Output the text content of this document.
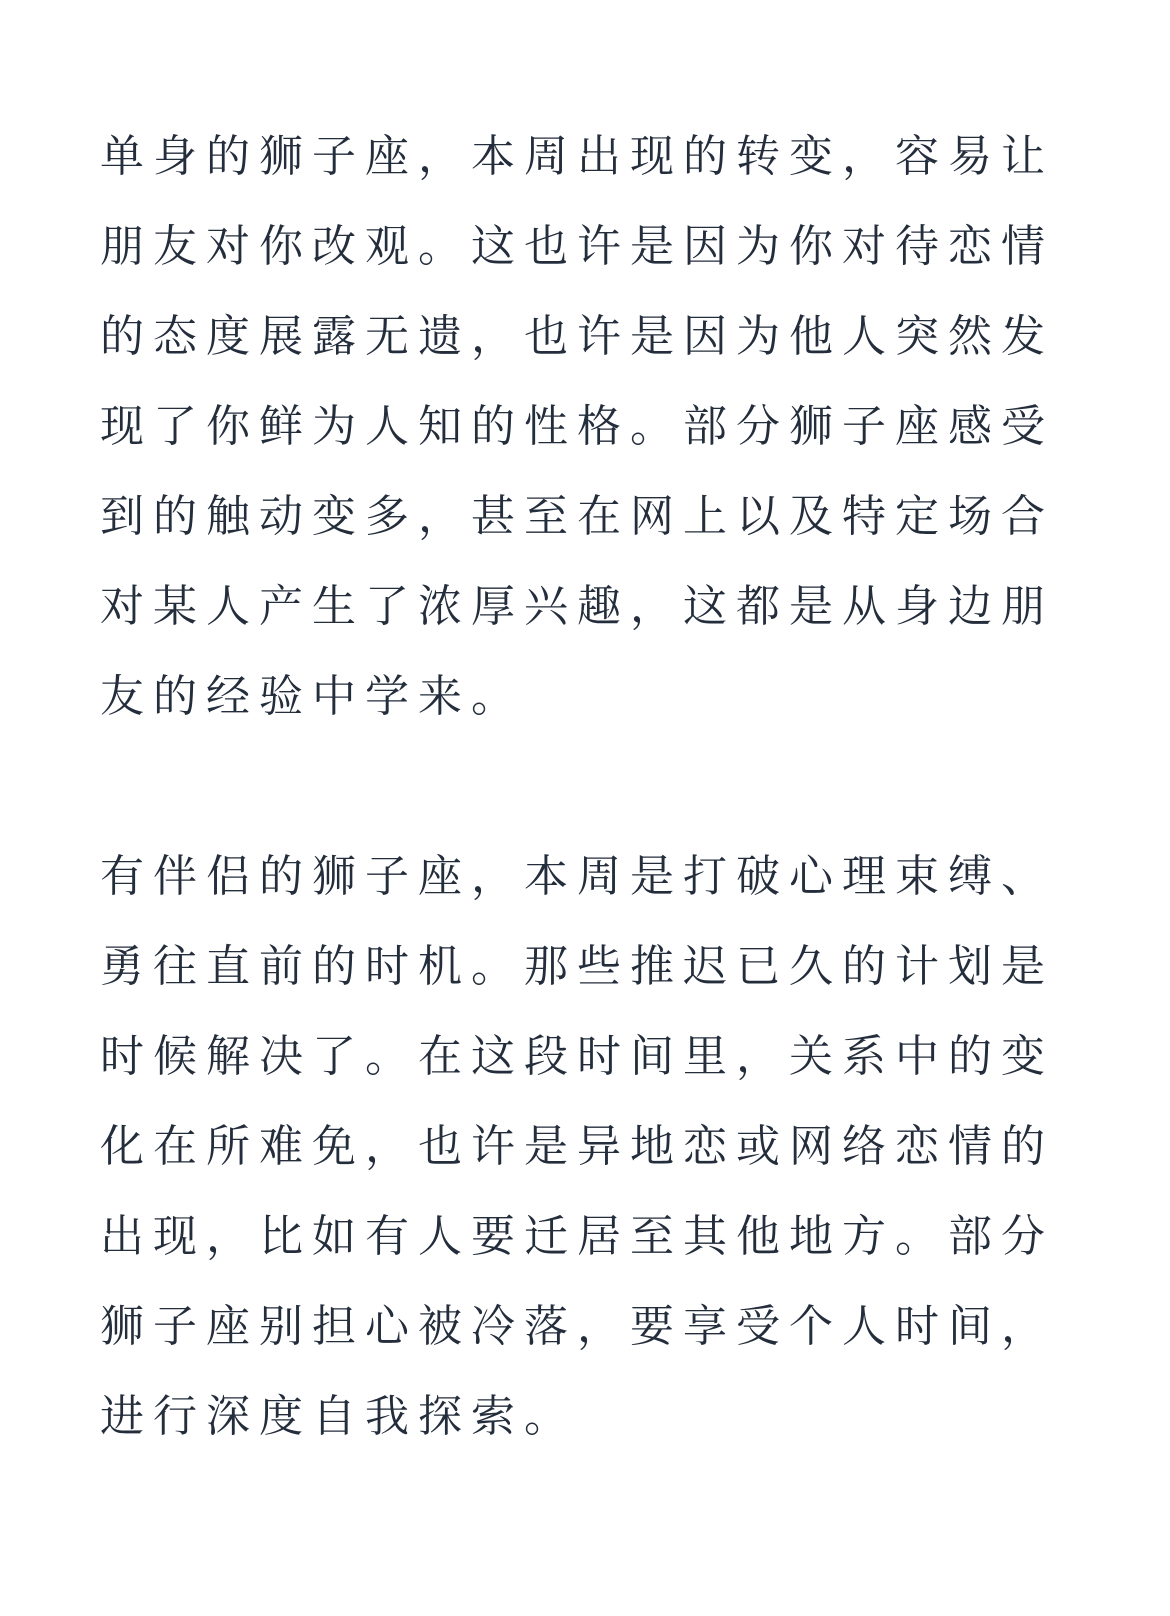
单身的狮子座，本周出现的转变，容易让
朋友对你改观。这也许是因为你对待恋情
的态度展露无遗，也许是因为他人突然发
现了你鲜为人知的性格。部分狮子座感受
到的触动变多，甚至在网上以及特定场合
对某人产生了浓厚兴趣，这都是从身边朋
友的经验中学来。
有伴侣的狮子座，本周是打破心理束缚、
勇往直前的时机。那些推迟已久的计划是
时候解决了。在这段时间里，关系中的变
化在所难免，也许是异地恋或网络恋情的
出现，比如有人要迁居至其他地方。部分
狮子座别担心被冷落，要享受个人时间，
进行深度自我探索。
